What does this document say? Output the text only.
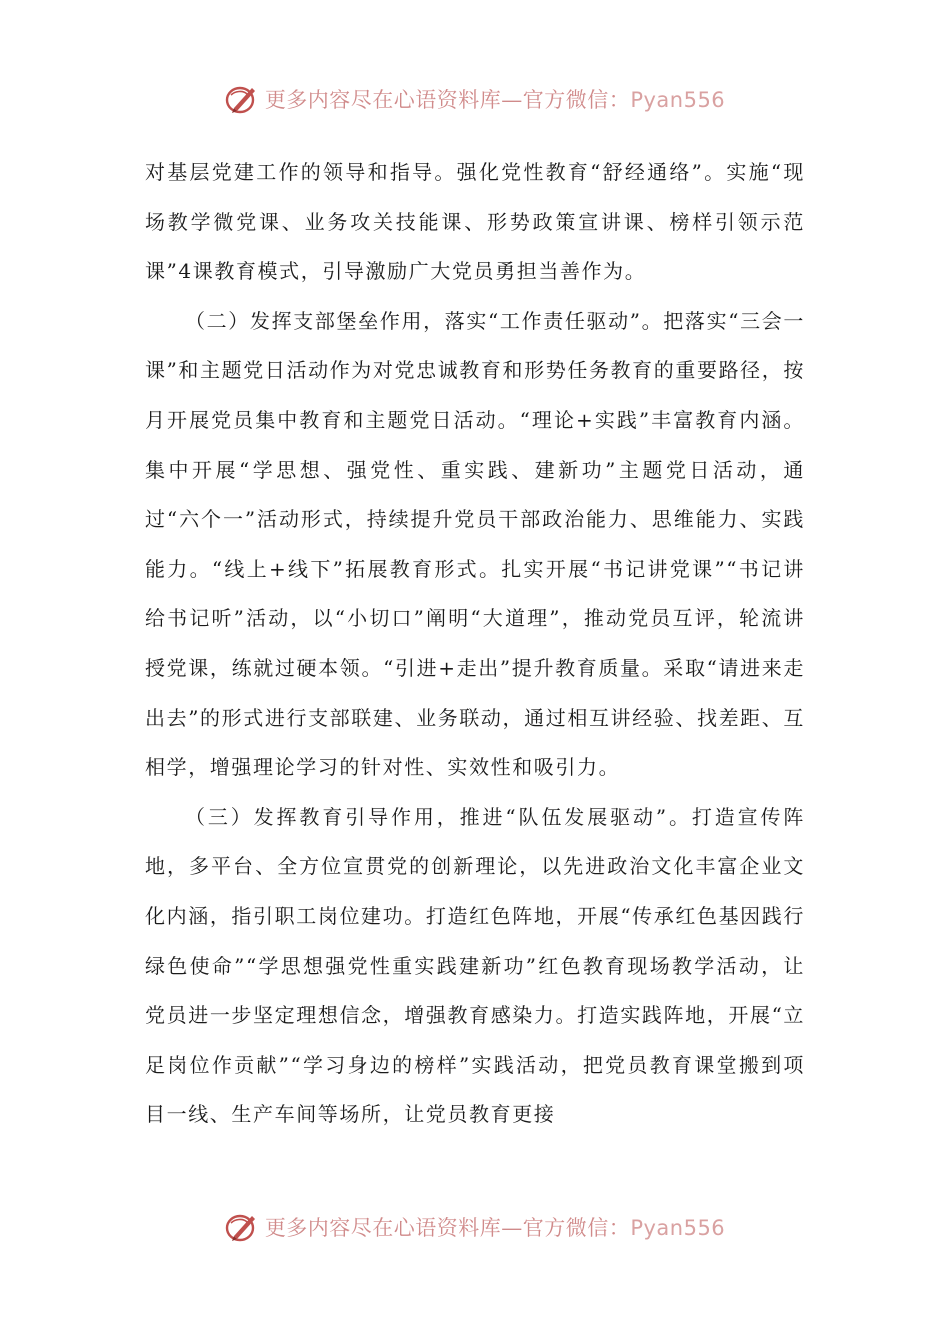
更多内容尽在心语资料库—官方微信：Pyan556

对基层党建工作的领导和指导。强化党性教育“舒经通络”。实施“现场教学微党课、业务攻关技能课、形势政策宣讲课、榜样引领示范课”4课教育模式，引导激励广大党员勇担当善作为。

（二）发挥支部堡垒作用，落实“工作责任驱动”。把落实“三会一课”和主题党日活动作为对党忠诚教育和形势任务教育的重要路径，按月开展党员集中教育和主题党日活动。“理论+实践”丰富教育内涵。集中开展“学思想、强党性、重实践、建新功”主题党日活动，通过“六个一”活动形式，持续提升党员干部政治能力、思维能力、实践能力。“线上+线下”拓展教育形式。扎实开展“书记讲党课”“书记讲给书记听”活动，以“小切口”阐明“大道理”，推动党员互评，轮流讲授党课，练就过硬本领。“引进+走出”提升教育质量。采取“请进来走出去”的形式进行支部联建、业务联动，通过相互讲经验、找差距、互相学，增强理论学习的针对性、实效性和吸引力。

（三）发挥教育引导作用，推进“队伍发展驱动”。打造宣传阵地，多平台、全方位宣贯党的创新理论，以先进政治文化丰富企业文化内涵，指引职工岗位建功。打造红色阵地，开展“传承红色基因践行绿色使命”“学思想强党性重实践建新功”红色教育现场教学活动，让党员进一步坚定理想信念，增强教育感染力。打造实践阵地，开展“立足岗位作贡献”“学习身边的榜样”实践活动，把党员教育课堂搬到项目一线、生产车间等场所，让党员教育更接

更多内容尽在心语资料库—官方微信：Pyan556
